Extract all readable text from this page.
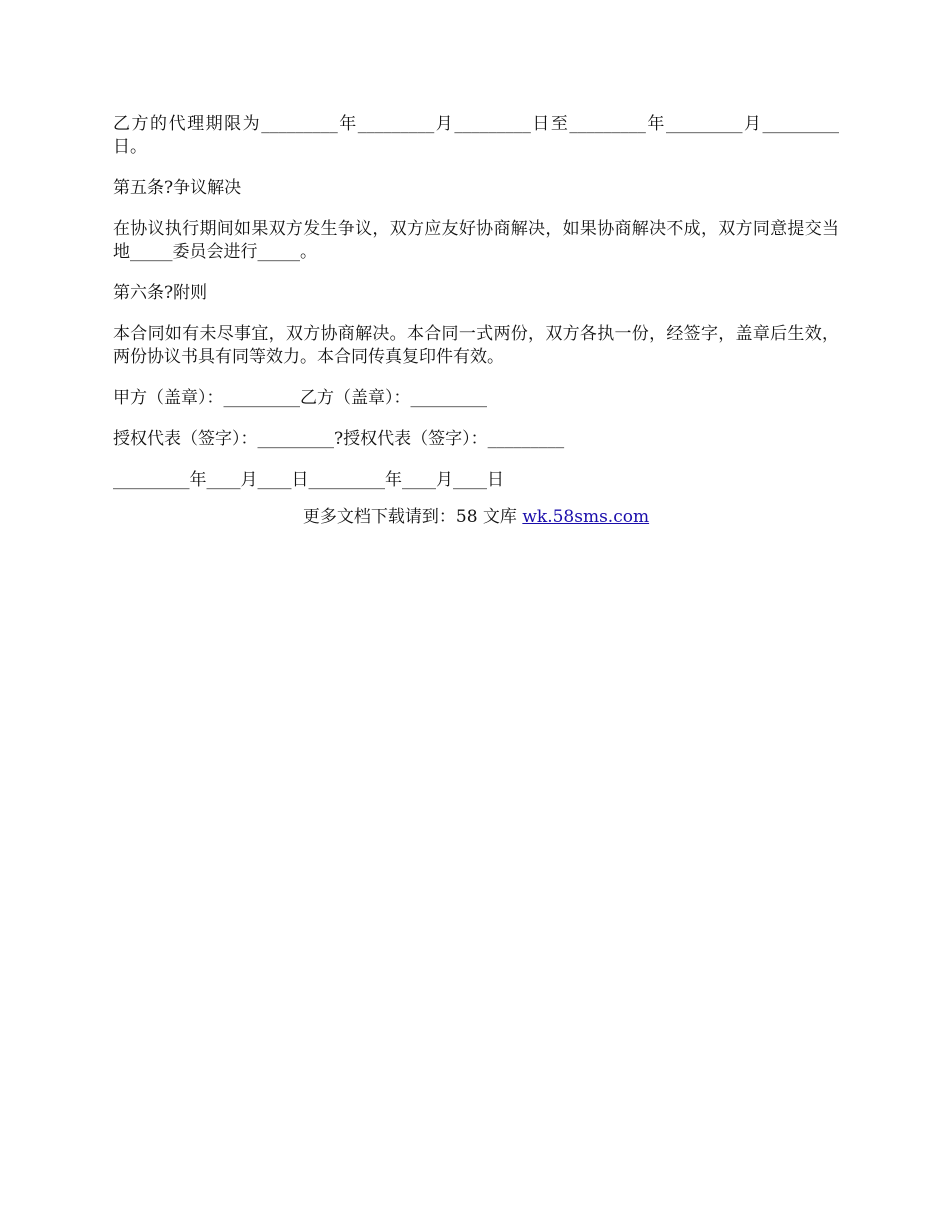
乙方的代理期限为_________年_________月_________日至_________年_________月_________日。

第五条?争议解决

在协议执行期间如果双方发生争议，双方应友好协商解决，如果协商解决不成，双方同意提交当地_____委员会进行_____。

第六条?附则

本合同如有未尽事宜，双方协商解决。本合同一式两份，双方各执一份，经签字，盖章后生效，两份协议书具有同等效力。本合同传真复印件有效。

甲方（盖章）：_________乙方（盖章）：_________

授权代表（签字）：_________?授权代表（签字）：_________

_________年____月____日_________年____月____日

更多文档下载请到：58 文库 wk.58sms.com
